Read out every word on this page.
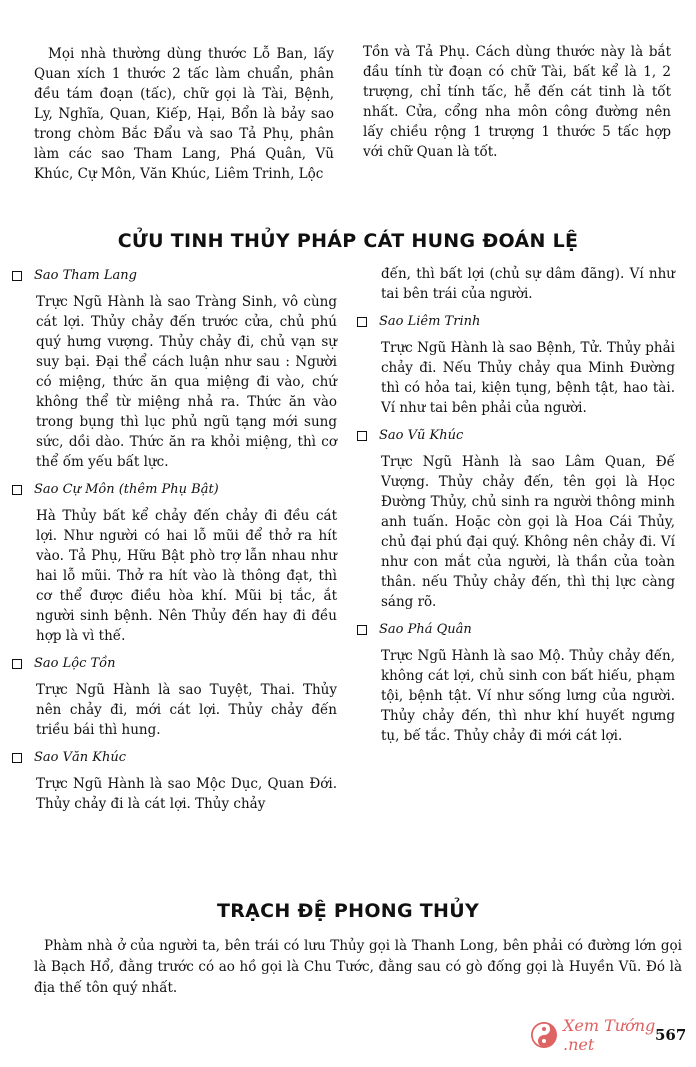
Mọi nhà thường dùng thước Lỗ Ban, lấy Quan xích 1 thước 2 tấc làm chuẩn, phân đều tám đoạn (tấc), chữ gọi là Tài, Bệnh, Ly, Nghĩa, Quan, Kiếp, Hại, Bổn là bảy sao trong chòm Bắc Đẩu và sao Tả Phụ, phân làm các sao Tham Lang, Phá Quân, Vũ Khúc, Cự Môn, Văn Khúc, Liêm Trinh, Lộc
Tồn và Tả Phụ. Cách dùng thước này là bắt đầu tính từ đoạn có chữ Tài, bất kể là 1, 2 trượng, chỉ tính tấc, hễ đến cát tinh là tốt nhất. Cửa, cổng nha môn công đường nên lấy chiều rộng 1 trượng 1 thước 5 tấc hợp với chữ Quan là tốt.
CỬU TINH THỦY PHÁP CÁT HUNG ĐOÁN LỆ
Sao Tham Lang
Trực Ngũ Hành là sao Tràng Sinh, vô cùng cát lợi. Thủy chảy đến trước cửa, chủ phú quý hưng vượng. Thủy chảy đi, chủ vạn sự suy bại. Đại thể cách luận như sau : Người có miệng, thức ăn qua miệng đi vào, chứ không thể từ miệng nhả ra. Thức ăn vào trong bụng thì lục phủ ngũ tạng mới sung sức, dồi dào. Thức ăn ra khỏi miệng, thì cơ thể ốm yếu bất lực.
Sao Cự Môn (thêm Phụ Bật)
Hà Thủy bất kể chảy đến chảy đi đều cát lợi. Như người có hai lỗ mũi để thở ra hít vào. Tả Phụ, Hữu Bật phò trợ lẫn nhau như hai lỗ mũi. Thở ra hít vào là thông đạt, thì cơ thể được điều hòa khí. Mũi bị tắc, ắt người sinh bệnh. Nên Thủy đến hay đi đều hợp là vì thế.
Sao Lộc Tồn
Trực Ngũ Hành là sao Tuyệt, Thai. Thủy nên chảy đi, mới cát lợi. Thủy chảy đến triều bái thì hung.
Sao Văn Khúc
Trực Ngũ Hành là sao Mộc Dục, Quan Đới. Thủy chảy đi là cát lợi. Thủy chảy
đến, thì bất lợi (chủ sự dâm đãng). Ví như tai bên trái của người.
Sao Liêm Trinh
Trực Ngũ Hành là sao Bệnh, Tử. Thủy phải chảy đi. Nếu Thủy chảy qua Minh Đường thì có hỏa tai, kiện tụng, bệnh tật, hao tài. Ví như tai bên phải của người.
Sao Vũ Khúc
Trực Ngũ Hành là sao Lâm Quan, Đế Vượng. Thủy chảy đến, tên gọi là Học Đường Thủy, chủ sinh ra người thông minh anh tuấn. Hoặc còn gọi là Hoa Cái Thủy, chủ đại phú đại quý. Không nên chảy đi. Ví như con mắt của người, là thần của toàn thân. nếu Thủy chảy đến, thì thị lực càng sáng rõ.
Sao Phá Quân
Trực Ngũ Hành là sao Mộ. Thủy chảy đến, không cát lợi, chủ sinh con bất hiếu, phạm tội, bệnh tật. Ví như sống lưng của người. Thủy chảy đến, thì như khí huyết ngưng tụ, bế tắc. Thủy chảy đi mới cát lợi.
TRẠCH ĐỆ PHONG THỦY
Phàm nhà ở của người ta, bên trái có lưu Thủy gọi là Thanh Long, bên phải có đường lớn gọi là Bạch Hổ, đằng trước có ao hồ gọi là Chu Tước, đằng sau có gò đống gọi là Huyền Vũ. Đó là địa thế tôn quý nhất.
Xem Tướng .net	567
